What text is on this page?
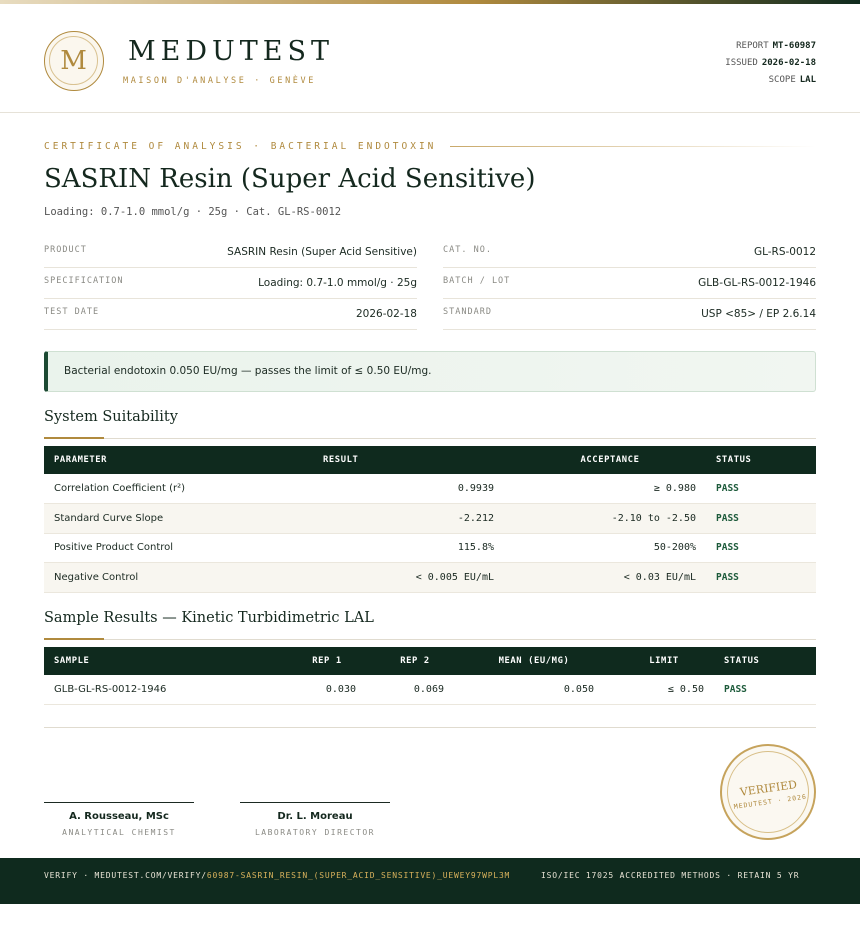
M	MEDUTEST
MAISON D'ANALYSE · GENÈVE
REPORT MT-60987
ISSUED 2026-02-18
SCOPE LAL
CERTIFICATE OF ANALYSIS · BACTERIAL ENDOTOXIN
SASRIN Resin (Super Acid Sensitive)
Loading: 0.7-1.0 mmol/g · 25g · Cat. GL-RS-0012
PRODUCT	SASRIN Resin (Super Acid Sensitive)
SPECIFICATION	Loading: 0.7-1.0 mmol/g · 25g
TEST DATE	2026-02-18
CAT. NO.	GL-RS-0012
BATCH / LOT	GLB-GL-RS-0012-1946
STANDARD	USP <85> / EP 2.6.14
Bacterial endotoxin 0.050 EU/mg — passes the limit of ≤ 0.50 EU/mg.
System Suitability
PARAMETER	RESULT	ACCEPTANCE	STATUS
Correlation Coefficient (r²)	0.9939	≥ 0.980	PASS
Standard Curve Slope	-2.212	-2.10 to -2.50	PASS
Positive Product Control	115.8%	50-200%	PASS
Negative Control	< 0.005 EU/mL	< 0.03 EU/mL	PASS
Sample Results — Kinetic Turbidimetric LAL
SAMPLE	REP 1	REP 2	MEAN (EU/MG)	LIMIT	STATUS
GLB-GL-RS-0012-1946	0.030	0.069	0.050	≤ 0.50	PASS
A. Rousseau, MSc
ANALYTICAL CHEMIST
Dr. L. Moreau
LABORATORY DIRECTOR
VERIFIED
MEDUTEST · 2026
VERIFY · MEDUTEST.COM/VERIFY/60987-SASRIN_RESIN_(SUPER_ACID_SENSITIVE)_UEWEY97WPL3M	ISO/IEC 17025 ACCREDITED METHODS · RETAIN 5 YR
